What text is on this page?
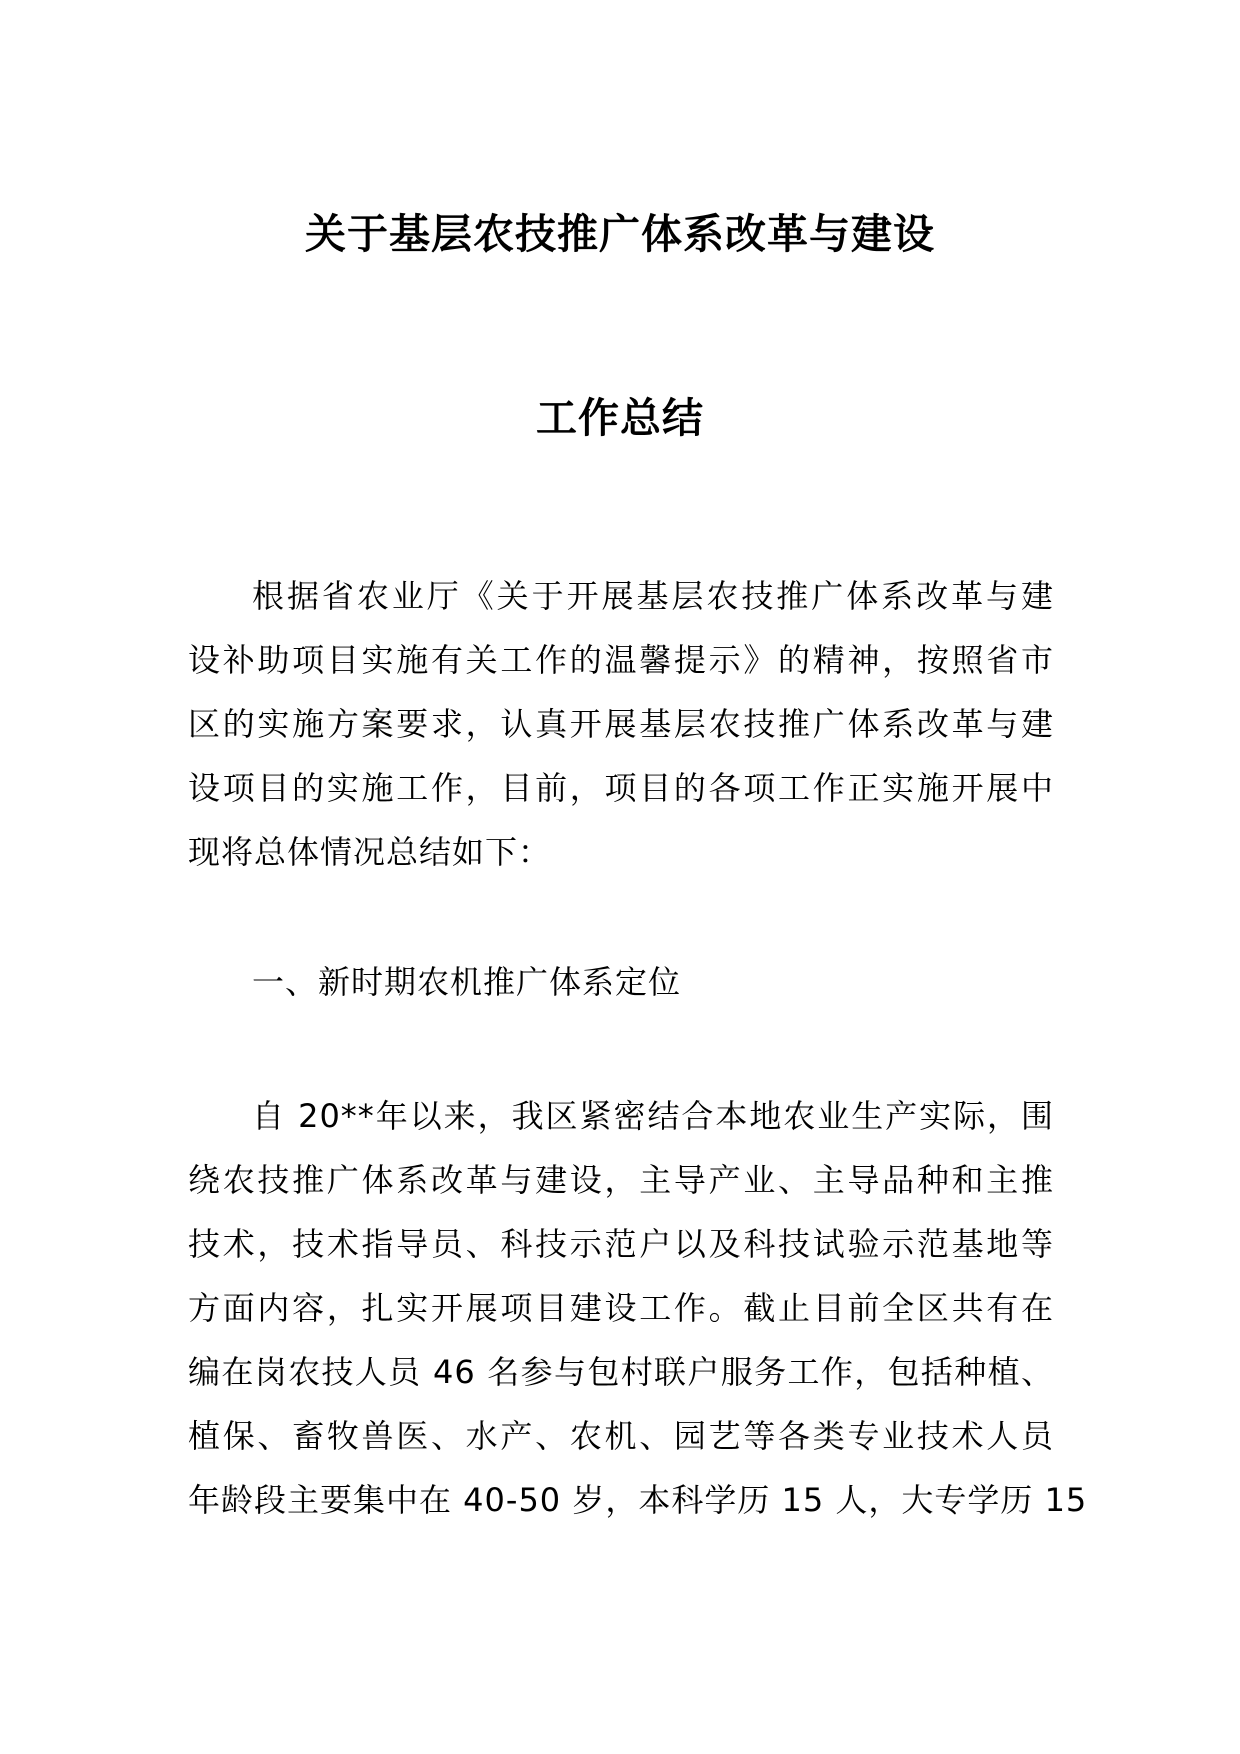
关于基层农技推广体系改革与建设
工作总结
根据省农业厅《关于开展基层农技推广体系改革与建
设补助项目实施有关工作的温馨提示》的精神，按照省市
区的实施方案要求，认真开展基层农技推广体系改革与建
设项目的实施工作，目前，项目的各项工作正实施开展中
现将总体情况总结如下：
一、新时期农机推广体系定位
自 20**年以来，我区紧密结合本地农业生产实际，围
绕农技推广体系改革与建设，主导产业、主导品种和主推
技术，技术指导员、科技示范户以及科技试验示范基地等
方面内容，扎实开展项目建设工作。截止目前全区共有在
编在岗农技人员 46 名参与包村联户服务工作，包括种植、
植保、畜牧兽医、水产、农机、园艺等各类专业技术人员
年龄段主要集中在 40-50 岁，本科学历 15 人，大专学历 15
